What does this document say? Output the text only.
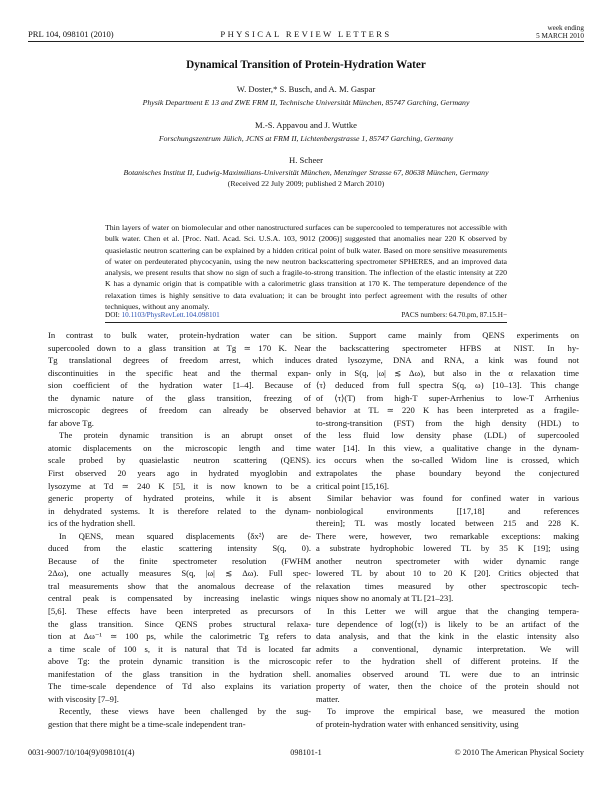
PRL 104, 098101 (2010)	PHYSICAL REVIEW LETTERS
week ending
5 MARCH 2010
Dynamical Transition of Protein-Hydration Water
W. Doster,* S. Busch, and A. M. Gaspar
Physik Department E 13 and ZWE FRM II, Technische Universität München, 85747 Garching, Germany
M.-S. Appavou and J. Wuttke
Forschungszentrum Jülich, JCNS at FRM II, Lichtenbergstrasse 1, 85747 Garching, Germany
H. Scheer
Botanisches Institut II, Ludwig-Maximilians-Universität München, Menzinger Strasse 67, 80638 München, Germany
(Received 22 July 2009; published 2 March 2010)
Thin layers of water on biomolecular and other nanostructured surfaces can be supercooled to temperatures not accessible with bulk water. Chen et al. [Proc. Natl. Acad. Sci. U.S.A. 103, 9012 (2006)] suggested that anomalies near 220 K observed by quasielastic neutron scattering can be explained by a hidden critical point of bulk water. Based on more sensitive measurements of water on perdeuterated phycocyanin, using the new neutron backscattering spectrometer SPHERES, and an improved data analysis, we present results that show no sign of such a fragile-to-strong transition. The inflection of the elastic intensity at 220 K has a dynamic origin that is compatible with a calorimetric glass transition at 170 K. The temperature dependence of the relaxation times is highly sensitive to data evaluation; it can be brought into perfect agreement with the results of other techniques, without any anomaly.
DOI: 10.1103/PhysRevLett.104.098101	PACS numbers: 64.70.pm, 87.15.H−
In contrast to bulk water, protein-hydration water can be
supercooled down to a glass transition at Tg ≃ 170 K. Near
Tg translational degrees of freedom arrest, which induces
discontinuities in the specific heat and the thermal expan-
sion coefficient of the hydration water [1–4]. Because of
the dynamic nature of the glass transition, freezing of
microscopic degrees of freedom can already be observed
far above Tg.
The protein dynamic transition is an abrupt onset of
atomic displacements on the microscopic length and time
scale probed by quasielastic neutron scattering (QENS).
First observed 20 years ago in hydrated myoglobin and
lysozyme at Td ≃ 240 K [5], it is now known to be a
generic property of hydrated proteins, while it is absent
in dehydrated systems. It is therefore related to the dynam-
ics of the hydration shell.
In QENS, mean squared displacements ⟨δx²⟩ are de-
duced from the elastic scattering intensity S(q, 0).
Because of the finite spectrometer resolution (FWHM
2Δω), one actually measures S(q, |ω| ≲ Δω). Full spec-
tral measurements show that the anomalous decrease of the
central peak is compensated by increasing inelastic wings
[5,6]. These effects have been interpreted as precursors of
the glass transition. Since QENS probes structural relaxa-
tion at Δω⁻¹ ≃ 100 ps, while the calorimetric Tg refers to
a time scale of 100 s, it is natural that Td is located far
above Tg: the protein dynamic transition is the microscopic
manifestation of the glass transition in the hydration shell.
The time-scale dependence of Td also explains its variation
with viscosity [7–9].
Recently, these views have been challenged by the sug-
gestion that there might be a time-scale independent tran-
sition. Support came mainly from QENS experiments on
the backscattering spectrometer HFBS at NIST. In hy-
drated lysozyme, DNA and RNA, a kink was found not
only in S(q, |ω| ≲ Δω), but also in the α relaxation time
⟨τ⟩ deduced from full spectra S(q, ω) [10–13]. This change
of ⟨τ⟩(T) from high-T super-Arrhenius to low-T Arrhenius
behavior at TL ≃ 220 K has been interpreted as a fragile-
to-strong-transition (FST) from the high density (HDL) to
the less fluid low density phase (LDL) of supercooled
water [14]. In this view, a qualitative change in the dynam-
ics occurs when the so-called Widom line is crossed, which
extrapolates the phase boundary beyond the conjectured
critical point [15,16].
Similar behavior was found for confined water in various
nonbiological environments [[17,18] and references
therein]; TL was mostly located between 215 and 228 K.
There were, however, two remarkable exceptions: making
a substrate hydrophobic lowered TL by 35 K [19]; using
another neutron spectrometer with wider dynamic range
lowered TL by about 10 to 20 K [20]. Critics objected that
relaxation times measured by other spectroscopic tech-
niques show no anomaly at TL [21–23].
In this Letter we will argue that the changing tempera-
ture dependence of log(⟨τ⟩) is likely to be an artifact of the
data analysis, and that the kink in the elastic intensity also
admits a conventional, dynamic interpretation. We will
refer to the hydration shell of different proteins. If the
anomalies observed around TL were due to an intrinsic
property of water, then the choice of the protein should not
matter.
To improve the empirical base, we measured the motion
of protein-hydration water with enhanced sensitivity, using
0031-9007/10/104(9)/098101(4)	098101-1	© 2010 The American Physical Society
